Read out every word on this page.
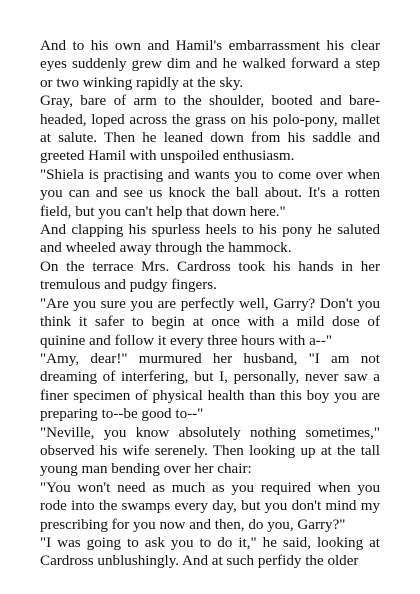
And to his own and Hamil's embarrassment his clear eyes suddenly grew dim and he walked forward a step or two winking rapidly at the sky.

Gray, bare of arm to the shoulder, booted and bare-headed, loped across the grass on his polo-pony, mallet at salute. Then he leaned down from his saddle and greeted Hamil with unspoiled enthusiasm.

"Shiela is practising and wants you to come over when you can and see us knock the ball about. It's a rotten field, but you can't help that down here."

And clapping his spurless heels to his pony he saluted and wheeled away through the hammock.

On the terrace Mrs. Cardross took his hands in her tremulous and pudgy fingers.

"Are you sure you are perfectly well, Garry? Don't you think it safer to begin at once with a mild dose of quinine and follow it every three hours with a--"

"Amy, dear!" murmured her husband, "I am not dreaming of interfering, but I, personally, never saw a finer specimen of physical health than this boy you are preparing to--be good to--"

"Neville, you know absolutely nothing sometimes," observed his wife serenely. Then looking up at the tall young man bending over her chair:

"You won't need as much as you required when you rode into the swamps every day, but you don't mind my prescribing for you now and then, do you, Garry?"

"I was going to ask you to do it," he said, looking at Cardross unblushingly. And at such perfidy the older
